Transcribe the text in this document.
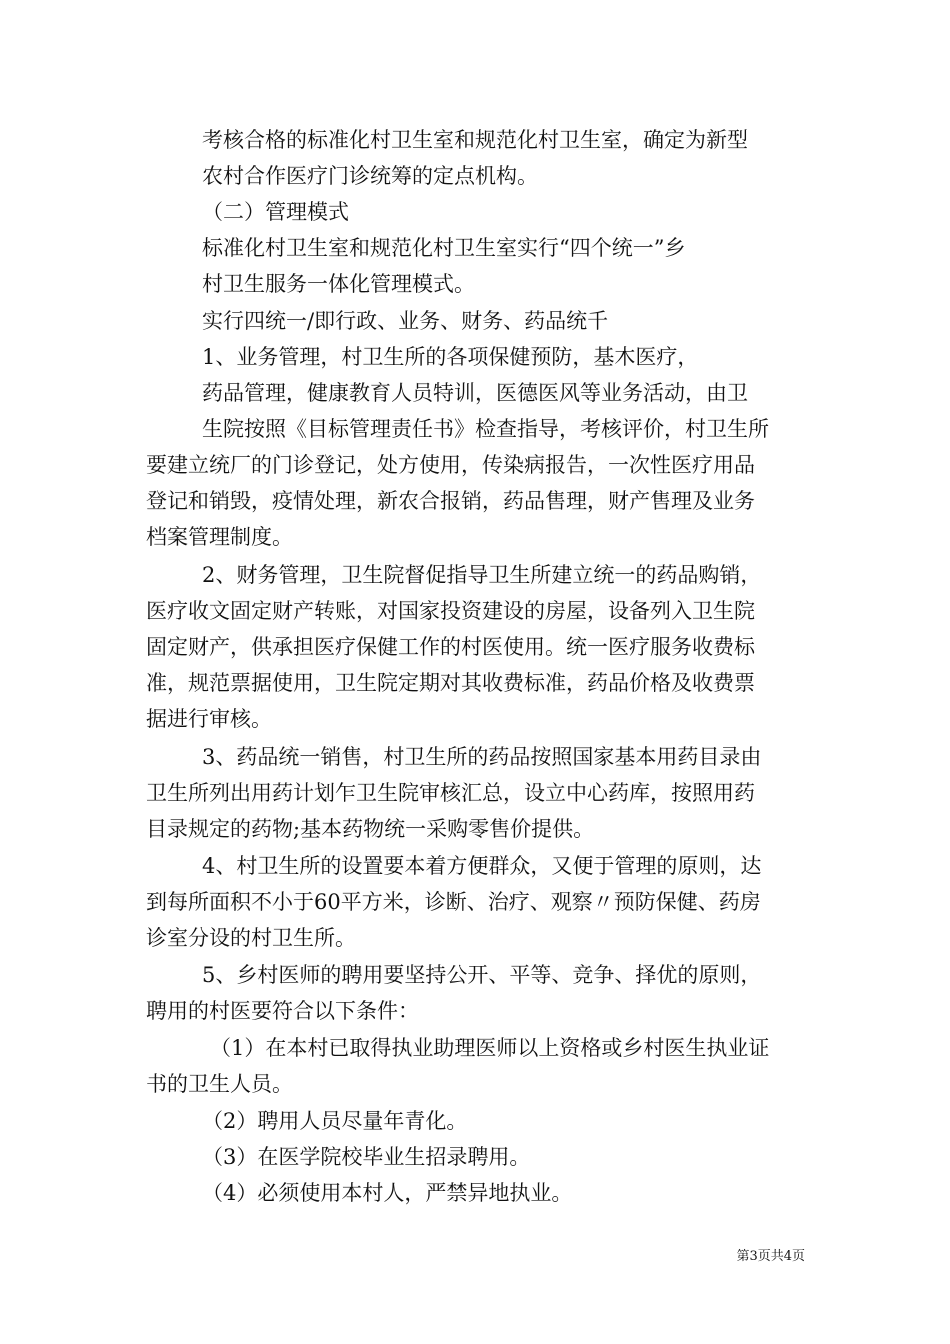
考核合格的标准化村卫生室和规范化村卫生室，确定为新型

农村合作医疗门诊统筹的定点机构。

（二）管理模式

标准化村卫生室和规范化村卫生室实行“四个统一”乡

村卫生服务一体化管理模式。

实行四统一/即行政、业务、财务、药品统千

1、业务管理，村卫生所的各项保健预防，基木医疗，

药品管理，健康教育人员特训，医德医风等业务活动，由卫

生院按照《目标管理责任书》检查指导，考核评价，村卫生所

要建立统厂的门诊登记，处方使用，传染病报告，一次性医疗用品

登记和销毁，疫情处理，新农合报销，药品售理，财产售理及业务

档案管理制度。

2、财务管理，卫生院督促指导卫生所建立统一的药品购销，

医疗收文固定财产转账，对国家投资建设的房屋，设备列入卫生院

固定财产，供承担医疗保健工作的村医使用。统一医疗服务收费标

准，规范票据使用，卫生院定期对其收费标准，药品价格及收费票

据进行审核。

3、药品统一销售，村卫生所的药品按照国家基本用药目录由

卫生所列出用药计划乍卫生院审核汇总，设立中心药库，按照用药

目录规定的药物;基本药物统一采购零售价提供。

4、村卫生所的设置要本着方便群众，又便于管理的原则，达

到每所面积不小于60平方米，诊断、治疗、观察〃预防保健、药房

诊室分设的村卫生所。

5、乡村医师的聘用要坚持公开、平等、竞争、择优的原则，

聘用的村医要符合以下条件：

（1）在本村已取得执业助理医师以上资格或乡村医生执业证

书的卫生人员。

（2）聘用人员尽量年青化。

（3）在医学院校毕业生招录聘用。

（4）必须使用本村人，严禁异地执业。

第3页共4页
